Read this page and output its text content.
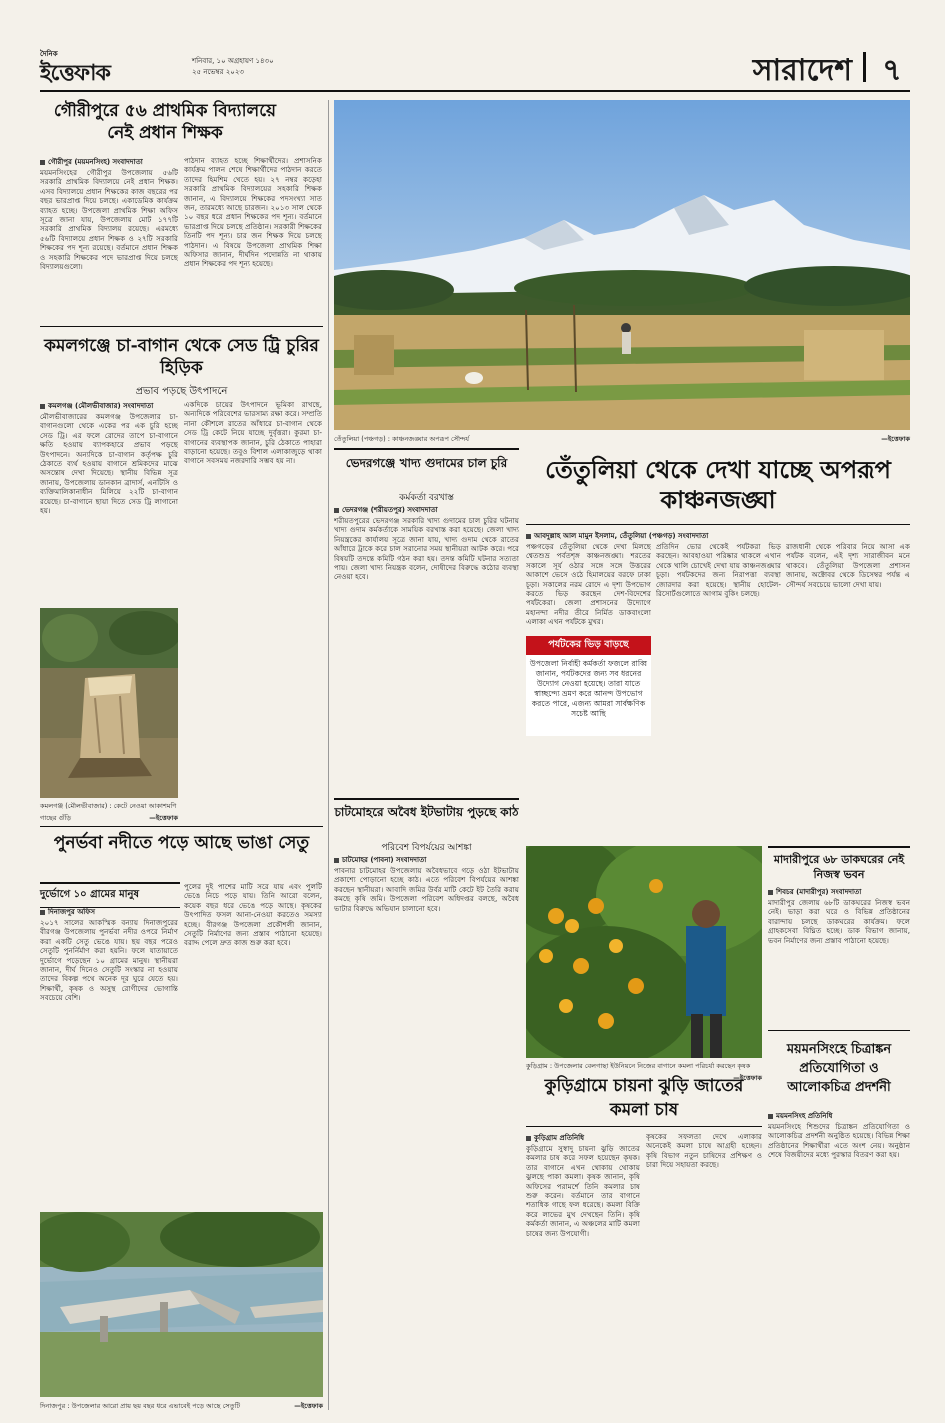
দৈনিক
ইত্তেফাক	শনিবার, ১০ অগ্রহায়ণ ১৪৩০
২৫ নভেম্বর ২০২৩	সারাদেশ ৭
গৌরীপুরে ৫৬ প্রাথমিক বিদ্যালয়ে নেই প্রধান শিক্ষক
গৌরীপুর (ময়মনসিংহ) সংবাদদাতা
ময়মনসিংহের গৌরীপুর উপজেলায় ৫৬টি সরকারি প্রাথমিক বিদ্যালয়ে নেই প্রধান শিক্ষক। এসব বিদ্যালয়ে প্রধান শিক্ষকের কাজ বছরের পর বছর ভারপ্রাপ্ত দিয়ে চলছে। একাডেমিক কার্যক্রম ব্যাহত হচ্ছে। উপজেলা প্রাথমিক শিক্ষা অফিস সূত্রে জানা যায়, উপজেলায় মোট ১৭৭টি সরকারি প্রাথমিক বিদ্যালয় রয়েছে। এরমধ্যে ৫৬টি বিদ্যালয়ে প্রধান শিক্ষক ও ২৭টি সরকারি শিক্ষকের পদ শূন্য রয়েছে। বর্তমানে প্রধান শিক্ষক ও সহকারি শিক্ষকের পদে ভারপ্রাপ্ত দিয়ে চলছে বিদ্যালয়গুলো।
পাঠদান ব্যাহত হচ্ছে শিক্ষার্থীদের। প্রশাসনিক কার্যক্রম পালন শেষে শিক্ষার্থীদের পাঠদান করতে তাদের হিমশিম খেতে হয়। ২৭ নম্বর কড়েহা সরকারি প্রাথমিক বিদ্যালয়ের সহকারি শিক্ষক জানান, এ বিদ্যালয়ে শিক্ষকের পদসংখ্যা সাত জন, তারমধ্যে আছে চারজন। ২০১৩ সাল থেকে ১০ বছর ধরে প্রধান শিক্ষকের পদ শূন্য। বর্তমানে ভারপ্রাপ্ত দিয়ে চলছে প্রতিষ্ঠান। সরকারী শিক্ষকের তিনটি পদ শূন্য। চার জন শিক্ষক দিয়ে চলছে পাঠদান। এ বিষয়ে উপজেলা প্রাথমিক শিক্ষা অফিসার জানান, দীর্ঘদিন পদোন্নতি না থাকায় প্রধান শিক্ষকের পদ শূন্য হয়েছে।
কমলগঞ্জে চা-বাগান থেকে সেড ট্রি চুরির হিড়িক
প্রভাব পড়ছে উৎপাদনে
কমলগঞ্জ (মৌলভীবাজার) সংবাদদাতা
মৌলভীবাজারের কমলগঞ্জ উপজেলার চা-বাগানগুলো থেকে একের পর এক চুরি হচ্ছে সেড ট্রি। এর ফলে রোদের তাপে চা-বাগানে ক্ষতি হওয়ায় ব্যাপকহারে প্রভাব পড়ছে উৎপাদনে। অন্যদিকে চা-বাগান কর্তৃপক্ষ চুরি ঠেকাতে ব্যর্থ হওয়ায় বাগানে শ্রমিকদের মাঝে অসন্তোষ দেখা দিয়েছে। স্থানীয় বিভিন্ন সূত্র জানায়, উপজেলায় ডানকান ব্রাদার্স, এনটিসি ও ব্যক্তিমালিকানাধীন মিলিয়ে ২২টি চা-বাগান রয়েছে। চা-বাগানে ছায়া দিতে সেড ট্রি লাগানো হয়।
একদিকে চায়ের উৎপাদনে ভূমিকা রাখছে, অন্যদিকে পরিবেশের ভারসাম্য রক্ষা করে। সম্প্রতি নানা কৌশলে রাতের আঁধারে চা-বাগান থেকে সেড ট্রি কেটে নিয়ে যাচ্ছে দুর্বৃত্তরা। কুরমা চা-বাগানের ব্যবস্থাপক জানান, চুরি ঠেকাতে পাহারা বাড়ানো হয়েছে। তবুও বিশাল এলাকাজুড়ে থাকা বাগানে সবসময় নজরদারি সম্ভব হয় না।
কমলগঞ্জ (মৌলভীবাজার) : কেটে নেওয়া আকাশমণি গাছের গুঁড়ি	—ইত্তেফাক
পুনর্ভবা নদীতে পড়ে আছে ভাঙা সেতু
দুর্ভোগে ১০ গ্রামের মানুষ
দিনাজপুর অফিস
২০১৭ সালের আকস্মিক বন্যায় দিনাজপুরের বীরগঞ্জ উপজেলায় পুনর্ভবা নদীর ওপরে নির্মাণ করা একটি সেতু ভেঙে যায়। ছয় বছর পরেও সেতুটি পুনর্নির্মাণ করা হয়নি। ফলে যাতায়াতে দুর্ভোগে পড়েছেন ১০ গ্রামের মানুষ। স্থানীয়রা জানান, দীর্ঘ দিনেও সেতুটি সংস্কার না হওয়ায় তাদের বিকল্প পথে অনেক দূর ঘুরে যেতে হয়। শিক্ষার্থী, কৃষক ও অসুস্থ রোগীদের ভোগান্তি সবচেয়ে বেশি।
পুলের দুই পাশের মাটি সরে যায় এবং পুলটি ভেঙে নিচে পড়ে যায়। তিনি আরো বলেন, কয়েক বছর ধরে ভেঙে পড়ে আছে। কৃষকের উৎপাদিত ফসল আনা-নেওয়া করতেও সমস্যা হচ্ছে। বীরগঞ্জ উপজেলা প্রকৌশলী জানান, সেতুটি নির্মাণের জন্য প্রস্তাব পাঠানো হয়েছে। বরাদ্দ পেলে দ্রুত কাজ শুরু করা হবে।
দিনাজপুর : উপজেলার আরো প্রায় ছয় বছর ধরে এভাবেই পড়ে আছে সেতুটি	—ইত্তেফাক
তেঁতুলিয়া (পঞ্চগড়) : কাঞ্চনজঙ্ঘার অপরূপ সৌন্দর্য	—ইত্তেফাক
ভেদরগঞ্জে খাদ্য গুদামের চাল চুরি
কর্মকর্তা বরখাস্ত
ভেদরগঞ্জ (শরীয়তপুর) সংবাদদাতা
শরীয়তপুরের ভেদরগঞ্জ সরকারি খাদ্য গুদামের চাল চুরির ঘটনায় খাদ্য গুদাম কর্মকর্তাকে সাময়িক বরখাস্ত করা হয়েছে। জেলা খাদ্য নিয়ন্ত্রকের কার্যালয় সূত্রে জানা যায়, খাদ্য গুদাম থেকে রাতের আঁধারে ট্রাকে করে চাল সরানোর সময় স্থানীয়রা আটক করে। পরে বিষয়টি তদন্তে কমিটি গঠন করা হয়। তদন্ত কমিটি ঘটনার সত্যতা পায়। জেলা খাদ্য নিয়ন্ত্রক বলেন, দোষীদের বিরুদ্ধে কঠোর ব্যবস্থা নেওয়া হবে।
তেঁতুলিয়া থেকে দেখা যাচ্ছে অপরূপ কাঞ্চনজঙ্ঘা
আবদুল্লাহ আল মামুন ইসলাম, তেঁতুলিয়া (পঞ্চগড়) সংবাদদাতা
পঞ্চগড়ের তেঁতুলিয়া থেকে দেখা মিলছে শ্বেতশুভ্র পর্বতশৃঙ্গ কাঞ্চনজঙ্ঘা। শরতের সকালে সূর্য ওঠার সঙ্গে সঙ্গে উত্তরের আকাশে ভেসে ওঠে হিমালয়ের বরফে ঢাকা চূড়া। সকালের নরম রোদে এ দৃশ্য উপভোগ করতে ভিড় করছেন দেশ-বিদেশের পর্যটকেরা। জেলা প্রশাসনের উদ্যোগে মহানন্দা নদীর তীরে নির্মিত ডাকবাংলো এলাকা এখন পর্যটকে মুখর।
প্রতিদিন ভোর থেকেই পর্যটকরা ভিড় করছেন। আবহাওয়া পরিষ্কার থাকলে এখান থেকে খালি চোখেই দেখা যায় কাঞ্চনজঙ্ঘার চূড়া। পর্যটকদের জন্য নিরাপত্তা ব্যবস্থা জোরদার করা হয়েছে। স্থানীয় হোটেল-রিসোর্টগুলোতে আগাম বুকিং চলছে।
রাজধানী থেকে পরিবার নিয়ে আসা এক পর্যটক বলেন, এই দৃশ্য সারাজীবন মনে থাকবে। তেঁতুলিয়া উপজেলা প্রশাসন জানায়, অক্টোবর থেকে ডিসেম্বর পর্যন্ত এ সৌন্দর্য সবচেয়ে ভালো দেখা যায়।
পর্যটকের ভিড় বাড়ছে
উপজেলা নির্বাহী কর্মকর্তা ফজলে রাব্বি জানান, পর্যটকদের জন্য সব ধরনের উদ্যোগ নেওয়া হয়েছে। তারা যাতে স্বাচ্ছন্দ্যে ভ্রমণ করে আনন্দ উপভোগ করতে পারে, এজন্য আমরা সার্বক্ষণিক সচেষ্ট আছি
চাটমোহরে অবৈধ ইটভাটায় পুড়ছে কাঠ
পরিবেশ বিপর্যয়ের আশঙ্কা
চাটমোহর (পাবনা) সংবাদদাতা
পাবনার চাটমোহর উপজেলায় অবৈধভাবে গড়ে ওঠা ইটভাটায় প্রকাশ্যে পোড়ানো হচ্ছে কাঠ। এতে পরিবেশ বিপর্যয়ের আশঙ্কা করছেন স্থানীয়রা। আবাদি জমির উর্বর মাটি কেটে ইট তৈরি করায় কমছে কৃষি জমি। উপজেলা পরিবেশ অধিদপ্তর বলছে, অবৈধ ভাটার বিরুদ্ধে অভিযান চালানো হবে।
কুড়িগ্রাম : উপজেলার বেলগাছা ইউনিয়নে নিজের বাগানে কমলা পরিচর্যা করছেন কৃষক
—ইত্তেফাক
কুড়িগ্রামে চায়না ঝুড়ি জাতের কমলা চাষ
কুড়িগ্রাম প্রতিনিধি
কুড়িগ্রামে সুস্বাদু চায়না ঝুড়ি জাতের কমলার চাষ করে সফল হয়েছেন কৃষক। তার বাগানে এখন থোকায় থোকায় ঝুলছে পাকা কমলা। কৃষক জানান, কৃষি অফিসের পরামর্শে তিনি কমলার চাষ শুরু করেন। বর্তমানে তার বাগানে শতাধিক গাছে ফল ধরেছে। কমলা বিক্রি করে লাভের মুখ দেখছেন তিনি। কৃষি কর্মকর্তা জানান, এ অঞ্চলের মাটি কমলা চাষের জন্য উপযোগী।
কৃষকের সফলতা দেখে এলাকার অনেকেই কমলা চাষে আগ্রহী হচ্ছেন। কৃষি বিভাগ নতুন চাষিদের প্রশিক্ষণ ও চারা দিয়ে সহায়তা করছে।
মাদারীপুরে ৬৮ ডাকঘরের নেই নিজস্ব ভবন
শিবচর (মাদারীপুর) সংবাদদাতা
মাদারীপুর জেলায় ৬৮টি ডাকঘরের নিজস্ব ভবন নেই। ভাড়া করা ঘরে ও বিভিন্ন প্রতিষ্ঠানের বারান্দায় চলছে ডাকঘরের কার্যক্রম। ফলে গ্রাহকসেবা বিঘ্নিত হচ্ছে। ডাক বিভাগ জানায়, ভবন নির্মাণের জন্য প্রস্তাব পাঠানো হয়েছে।
ময়মনসিংহে চিত্রাঙ্কন প্রতিযোগিতা ও আলোকচিত্র প্রদর্শনী
ময়মনসিংহ প্রতিনিধি
ময়মনসিংহে শিশুদের চিত্রাঙ্কন প্রতিযোগিতা ও আলোকচিত্র প্রদর্শনী অনুষ্ঠিত হয়েছে। বিভিন্ন শিক্ষা প্রতিষ্ঠানের শিক্ষার্থীরা এতে অংশ নেয়। অনুষ্ঠান শেষে বিজয়ীদের মধ্যে পুরস্কার বিতরণ করা হয়।
